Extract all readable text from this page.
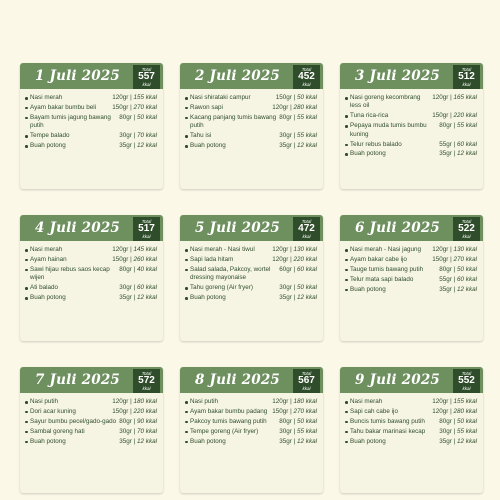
1 Juli 2025	Total
557
kkal
Nasi merah	120gr | 155 kkal
Ayam bakar bumbu beli	150gr | 270 kkal
Bayam tumis jagung bawang putih
80gr | 50 kkal
Tempe balado	30gr | 70 kkal
Buah potong	35gr | 12 kkal
2 Juli 2025	Total
452
kkal
Nasi shirataki campur	150gr | 50 kkal
Rawon sapi	120gr | 280 kkal
Kacang panjang tumis bawang putih
80gr | 55 kkal
Tahu isi	30gr | 55 kkal
Buah potong	35gr | 12 kkal
3 Juli 2025	Total
512
kkal
Nasi goreng kecombrang less oil
120gr | 165 kkal
Tuna rica-rica	150gr | 220 kkal
Pepaya muda tumis bumbu kuning
80gr | 55 kkal
Telur rebus balado	55gr | 60 kkal
Buah potong	35gr | 12 kkal
4 Juli 2025	Total
517
kkal
Nasi merah	120gr | 145 kkal
Ayam hainan	150gr | 260 kkal
Sawi hijau rebus saos kecap wijen
80gr | 40 kkal
Ati balado	30gr | 60 kkal
Buah potong	35gr | 12 kkal
5 Juli 2025	Total
472
kkal
Nasi merah - Nasi tiwul	120gr | 130 kkal
Sapi lada hitam	120gr | 220 kkal
Salad salada, Pakcoy, wortel dressing mayonaise
60gr | 60 kkal
Tahu goreng (Air fryer)	30gr | 50 kkal
Buah potong	35gr | 12 kkal
6 Juli 2025	Total
522
kkal
Nasi merah - Nasi jagung	120gr | 130 kkal
Ayam bakar cabe ijo	150gr | 270 kkal
Tauge tumis bawang putih	80gr | 50 kkal
Telur mata sapi balado	55gr | 60 kkal
Buah potong	35gr | 12 kkal
7 Juli 2025	Total
572
kkal
Nasi putih	120gr | 180 kkal
Dori acar kuning	150gr | 220 kkal
Sayur bumbu pecel/gado-gado 80gr | 90 kkal
Sambal goreng hati	30gr | 70 kkal
Buah potong	35gr | 12 kkal
8 Juli 2025	Total
567
kkal
Nasi putih	120gr | 180 kkal
Ayam bakar bumbu padang 150gr | 270 kkal
Pakcoy tumis bawang putih	80gr | 50 kkal
Tempe goreng (Air fryer)	30gr | 55 kkal
Buah potong	35gr | 12 kkal
9 Juli 2025	Total
552
kkal
Nasi merah	120gr | 155 kkal
Sapi cah cabe ijo	120gr | 280 kkal
Buncis tumis bawang putih	80gr | 50 kkal
Tahu bakar marinasi kecap	30gr | 55 kkal
Buah potong	35gr | 12 kkal
